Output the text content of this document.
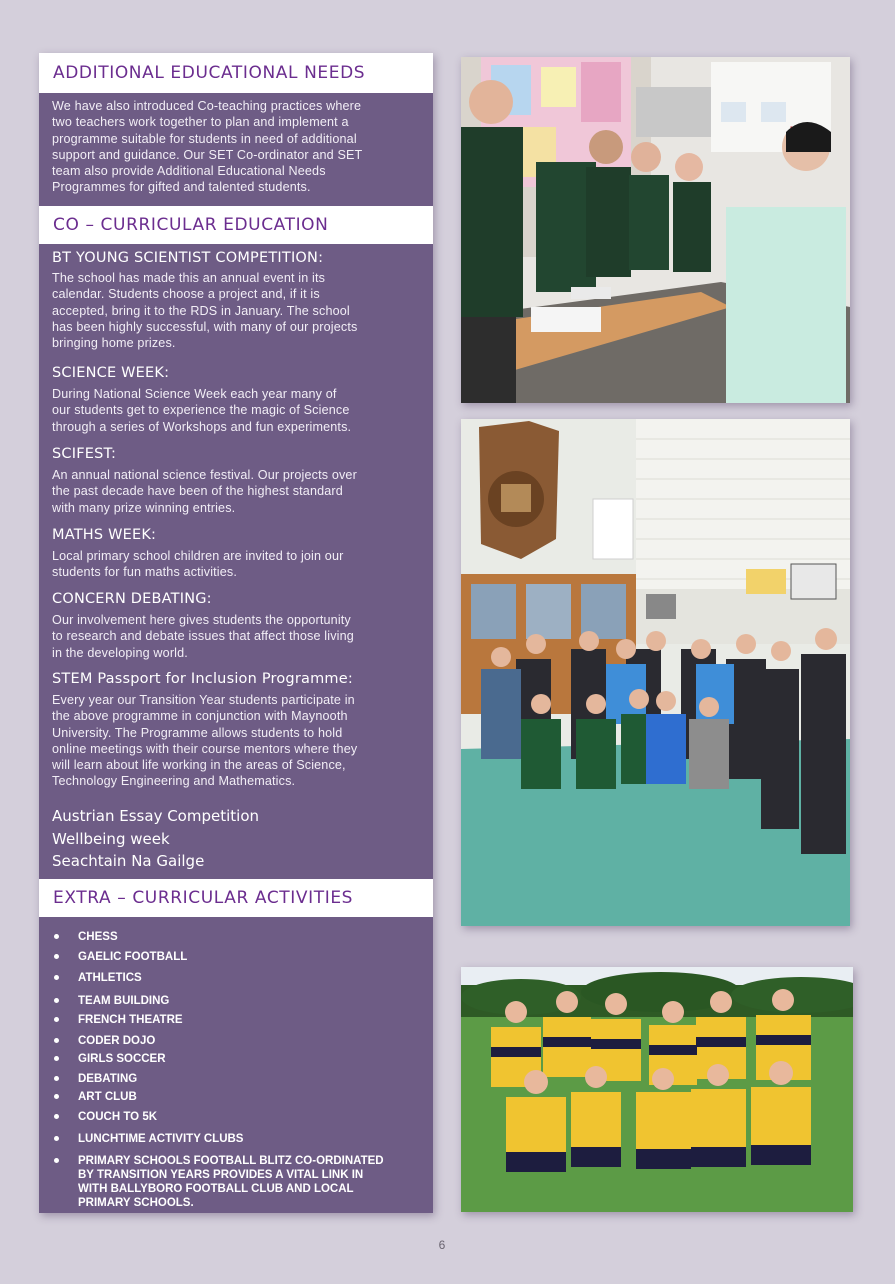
ADDITIONAL EDUCATIONAL NEEDS
We have also introduced Co-teaching practices where
two teachers work together to plan and implement a
programme suitable for students in need of additional
support and guidance. Our SET Co-ordinator and SET
team also provide Additional Educational Needs
Programmes for gifted and talented students.
CO – CURRICULAR EDUCATION
BT YOUNG SCIENTIST COMPETITION:
The school has made this an annual event in its
calendar. Students choose a project and, if it is
accepted, bring it to the RDS in January. The school
has been highly successful, with many of our projects
bringing home prizes.
SCIENCE WEEK:
During National Science Week each year many of
our students get to experience the magic of Science
through a series of Workshops and fun experiments.
SCIFEST:
An annual national science festival. Our projects over
the past decade have been of the highest standard
with many prize winning entries.
MATHS WEEK:
Local primary school children are invited to join our
students for fun maths activities.
CONCERN DEBATING:
Our involvement here gives students the opportunity
to research and debate issues that affect those living
in the developing world.
STEM Passport for Inclusion Programme:
Every year our Transition Year students participate in
the above programme in conjunction with Maynooth
University. The Programme allows students to hold
online meetings with their course mentors where they
will learn about life working in the areas of Science,
Technology Engineering and Mathematics.
Austrian Essay Competition
Wellbeing week
Seachtain Na Gailge
EXTRA – CURRICULAR ACTIVITIES
CHESS
GAELIC FOOTBALL
ATHLETICS
TEAM BUILDING
FRENCH THEATRE
CODER DOJO
GIRLS SOCCER
DEBATING
ART CLUB
COUCH TO 5K
LUNCHTIME ACTIVITY CLUBS
PRIMARY SCHOOLS FOOTBALL BLITZ CO-ORDINATED
BY TRANSITION YEARS PROVIDES A VITAL LINK IN
WITH BALLYBORO FOOTBALL CLUB AND LOCAL
PRIMARY SCHOOLS.
6
